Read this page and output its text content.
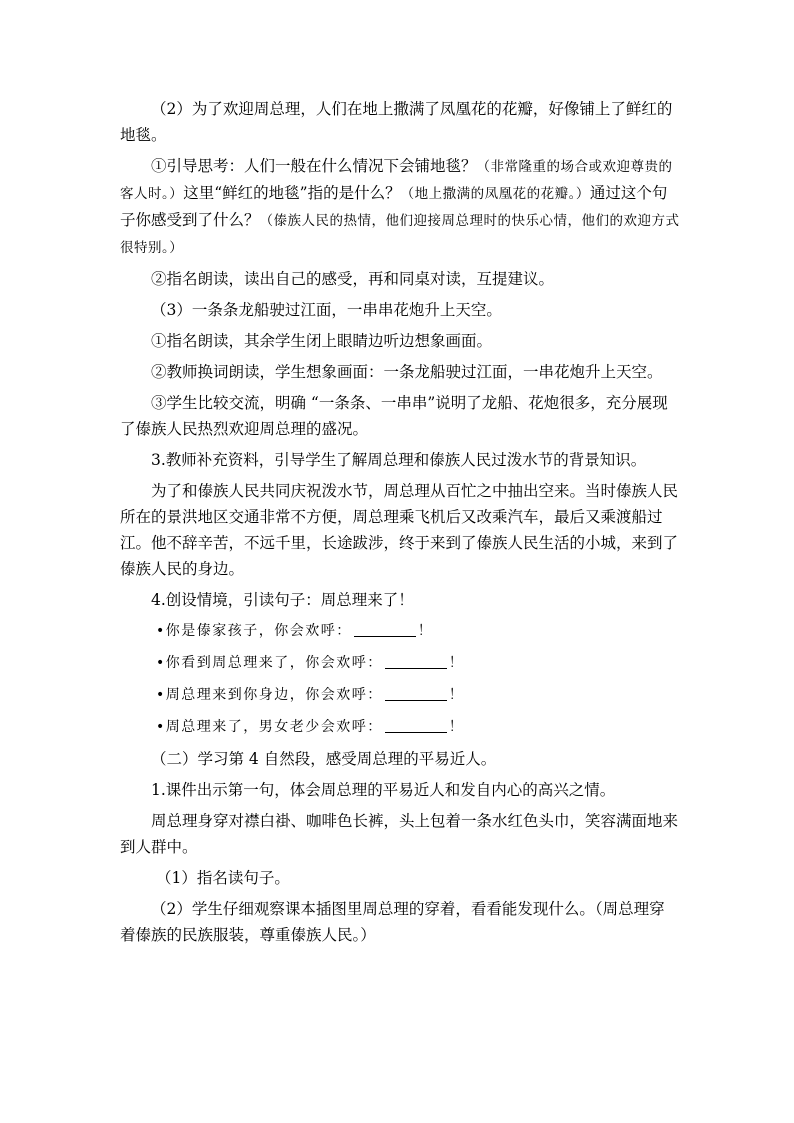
（2）为了欢迎周总理，人们在地上撒满了凤凰花的花瓣，好像铺上了鲜红的地毯。

①引导思考：人们一般在什么情况下会铺地毯？（非常隆重的场合或欢迎尊贵的客人时。）这里“鲜红的地毯”指的是什么？（地上撒满的凤凰花的花瓣。）通过这个句子你感受到了什么？（傣族人民的热情，他们迎接周总理时的快乐心情，他们的欢迎方式很特别。）

②指名朗读，读出自己的感受，再和同桌对读，互提建议。

（3）一条条龙船驶过江面，一串串花炮升上天空。

①指名朗读，其余学生闭上眼睛边听边想象画面。

②教师换词朗读，学生想象画面：一条龙船驶过江面，一串花炮升上天空。

③学生比较交流，明确 “一条条、一串串”说明了龙船、花炮很多，充分展现了傣族人民热烈欢迎周总理的盛况。

3.教师补充资料，引导学生了解周总理和傣族人民过泼水节的背景知识。

为了和傣族人民共同庆祝泼水节，周总理从百忙之中抽出空来。当时傣族人民所在的景洪地区交通非常不方便，周总理乘飞机后又改乘汽车，最后又乘渡船过江。他不辞辛苦，不远千里，长途跋涉，终于来到了傣族人民生活的小城，来到了傣族人民的身边。

4.创设情境，引读句子：周总理来了！

•你是傣家孩子，你会欢呼：	！
•你看到周总理来了，你会欢呼：	！
•周总理来到你身边，你会欢呼：	！
•周总理来了，男女老少会欢呼：	！

（二）学习第 4 自然段，感受周总理的平易近人。

1.课件出示第一句，体会周总理的平易近人和发自内心的高兴之情。

周总理身穿对襟白褂、咖啡色长裤，头上包着一条水红色头巾，笑容满面地来到人群中。

（1）指名读句子。

（2）学生仔细观察课本插图里周总理的穿着，看看能发现什么。（周总理穿着傣族的民族服装，尊重傣族人民。）
